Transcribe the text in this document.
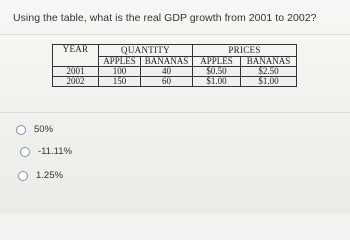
Using the table, what is the real GDP growth from 2001 to 2002?
YEAR	QUANTITY		PRICES	
	APPLES	BANANAS	APPLES	BANANAS
2001	100	40	$0.50	$2.50
2002	150	60	$1.00	$1.00
50%
-11.11%
1.25%
